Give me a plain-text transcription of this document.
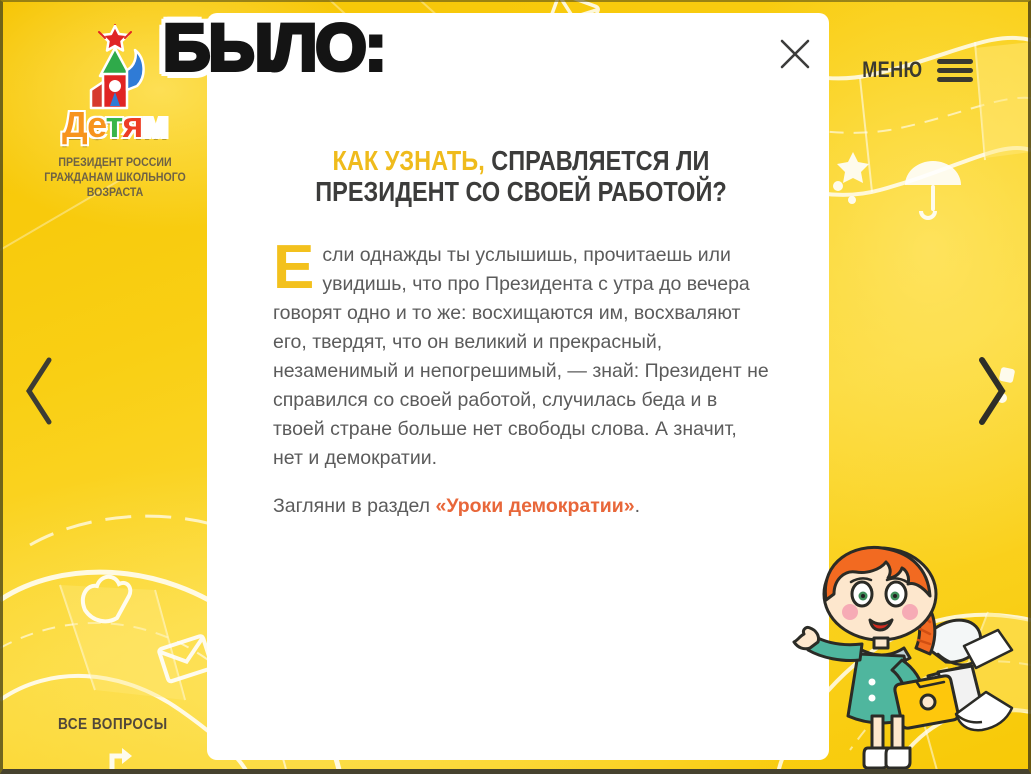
Детям
ПРЕЗИДЕНТ РОССИИ
ГРАЖДАНАМ ШКОЛЬНОГО
ВОЗРАСТА
МЕНЮ
ВСЕ ВОПРОСЫ
БЫЛО:
КАК УЗНАТЬ, СПРАВЛЯЕТСЯ ЛИ ПРЕЗИДЕНТ СО СВОЕЙ РАБОТОЙ?
Если однажды ты услышишь, прочитаешь или увидишь, что про Президента с утра до вечера говорят одно и то же: восхищаются им, восхваляют его, твердят, что он великий и прекрасный, незаменимый и непогрешимый, — знай: Президент не справился со своей работой, случилась беда и в твоей стране больше нет свободы слова. А значит, нет и демократии.

Загляни в раздел «Уроки демократии».
